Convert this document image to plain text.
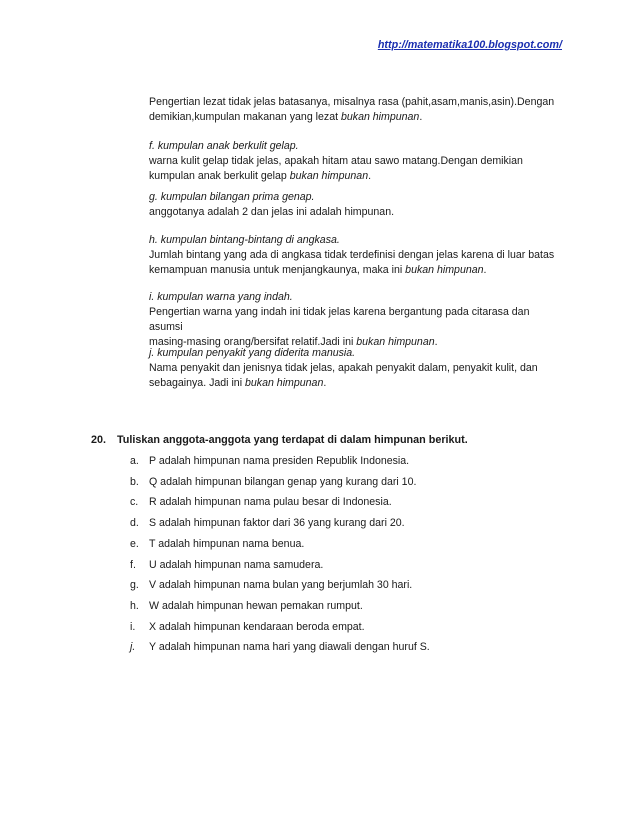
http://matematika100.blogspot.com/

Pengertian lezat tidak jelas batasanya, misalnya rasa (pahit,asam,manis,asin).Dengan

demikian,kumpulan makanan yang lezat bukan himpunan.

f. kumpulan anak berkulit gelap.

warna kulit gelap tidak jelas, apakah hitam atau sawo matang.Dengan demikian

kumpulan anak berkulit gelap bukan himpunan.

g. kumpulan bilangan prima genap.

anggotanya adalah 2 dan jelas ini adalah himpunan.

h. kumpulan bintang-bintang di angkasa.

Jumlah bintang yang ada di angkasa tidak terdefinisi dengan jelas karena di luar batas

kemampuan manusia untuk menjangkaunya, maka ini bukan himpunan.

i. kumpulan warna yang indah.

Pengertian warna yang indah ini tidak jelas karena bergantung pada citarasa dan asumsi

masing-masing orang/bersifat relatif.Jadi ini bukan himpunan.

j. kumpulan penyakit yang diderita manusia.

Nama penyakit dan jenisnya tidak jelas, apakah penyakit dalam, penyakit kulit, dan

sebagainya. Jadi ini bukan himpunan.

20. Tuliskan anggota-anggota yang terdapat di dalam himpunan berikut.
a. P adalah himpunan nama presiden Republik Indonesia.
b. Q adalah himpunan bilangan genap yang kurang dari 10.
c. R adalah himpunan nama pulau besar di Indonesia.
d. S adalah himpunan faktor dari 36 yang kurang dari 20.
e. T adalah himpunan nama benua.
f. U adalah himpunan nama samudera.
g. V adalah himpunan nama bulan yang berjumlah 30 hari.
h. W adalah himpunan hewan pemakan rumput.
i. X adalah himpunan kendaraan beroda empat.
j. Y adalah himpunan nama hari yang diawali dengan huruf S.
